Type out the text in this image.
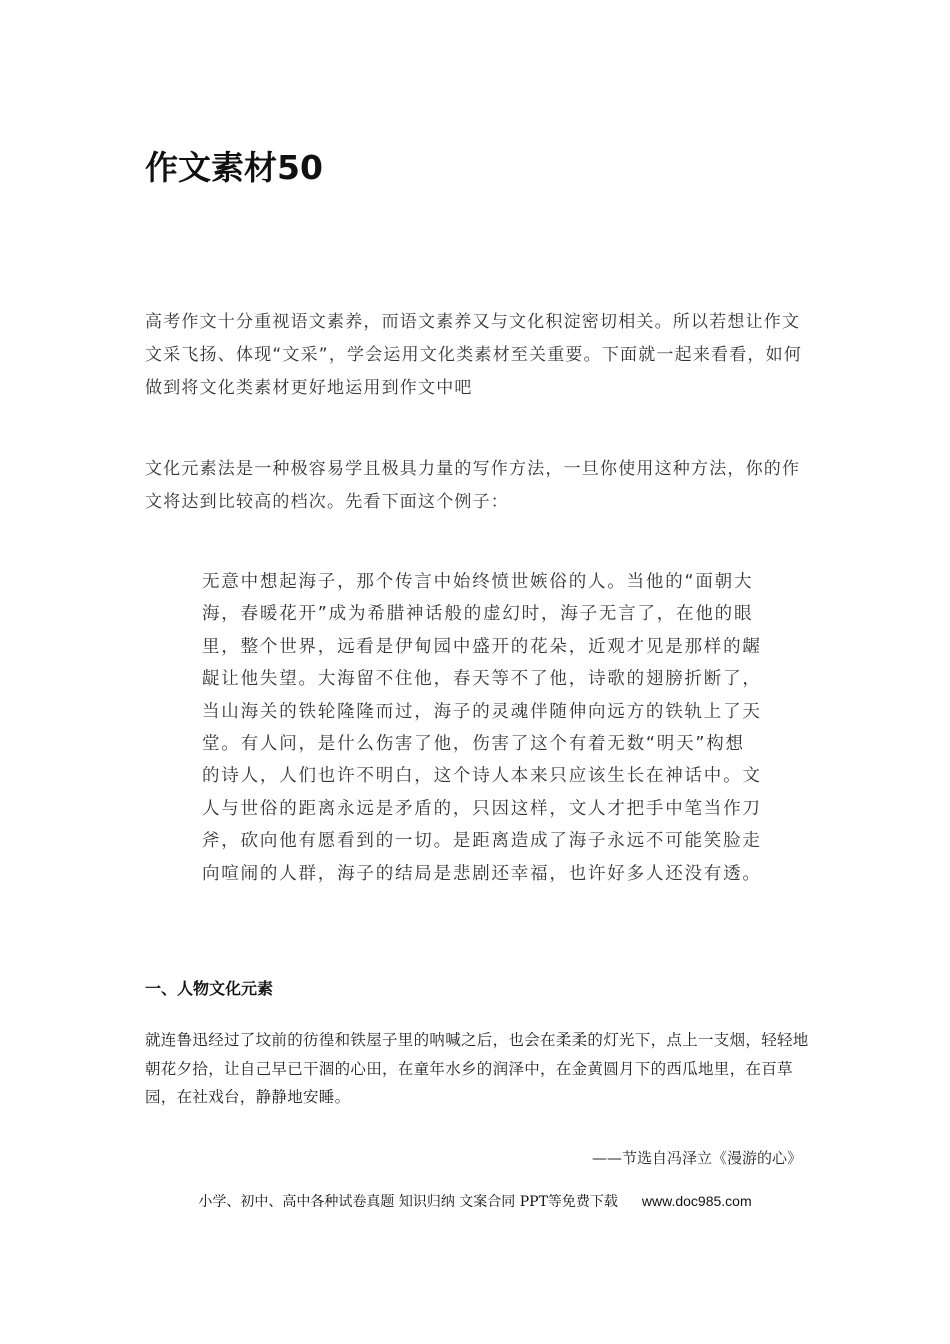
作文素材50
高考作文十分重视语文素养，而语文素养又与文化积淀密切相关。所以若想让作文文采飞扬、体现“文采”，学会运用文化类素材至关重要。下面就一起来看看，如何做到将文化类素材更好地运用到作文中吧
文化元素法是一种极容易学且极具力量的写作方法，一旦你使用这种方法，你的作文将达到比较高的档次。先看下面这个例子：
无意中想起海子，那个传言中始终愤世嫉俗的人。当他的“面朝大海，春暖花开”成为希腊神话般的虚幻时，海子无言了，在他的眼里，整个世界，远看是伊甸园中盛开的花朵，近观才见是那样的龌龊让他失望。大海留不住他，春天等不了他，诗歌的翅膀折断了，当山海关的铁轮隆隆而过，海子的灵魂伴随伸向远方的铁轨上了天堂。有人问，是什么伤害了他，伤害了这个有着无数“明天”构想的诗人，人们也许不明白，这个诗人本来只应该生长在神话中。文人与世俗的距离永远是矛盾的，只因这样，文人才把手中笔当作刀斧，砍向他有愿看到的一切。是距离造成了海子永远不可能笑脸走向喧闹的人群，海子的结局是悲剧还幸福，也许好多人还没有透。
一、人物文化元素
就连鲁迅经过了坟前的彷徨和铁屋子里的呐喊之后，也会在柔柔的灯光下，点上一支烟，轻轻地朝花夕拾，让自己早已干涸的心田，在童年水乡的润泽中，在金黄圆月下的西瓜地里，在百草园，在社戏台，静静地安睡。
——节选自冯泽立《漫游的心》
小学、初中、高中各种试卷真题 知识归纳 文案合同 PPT等免费下载 www.doc985.com
